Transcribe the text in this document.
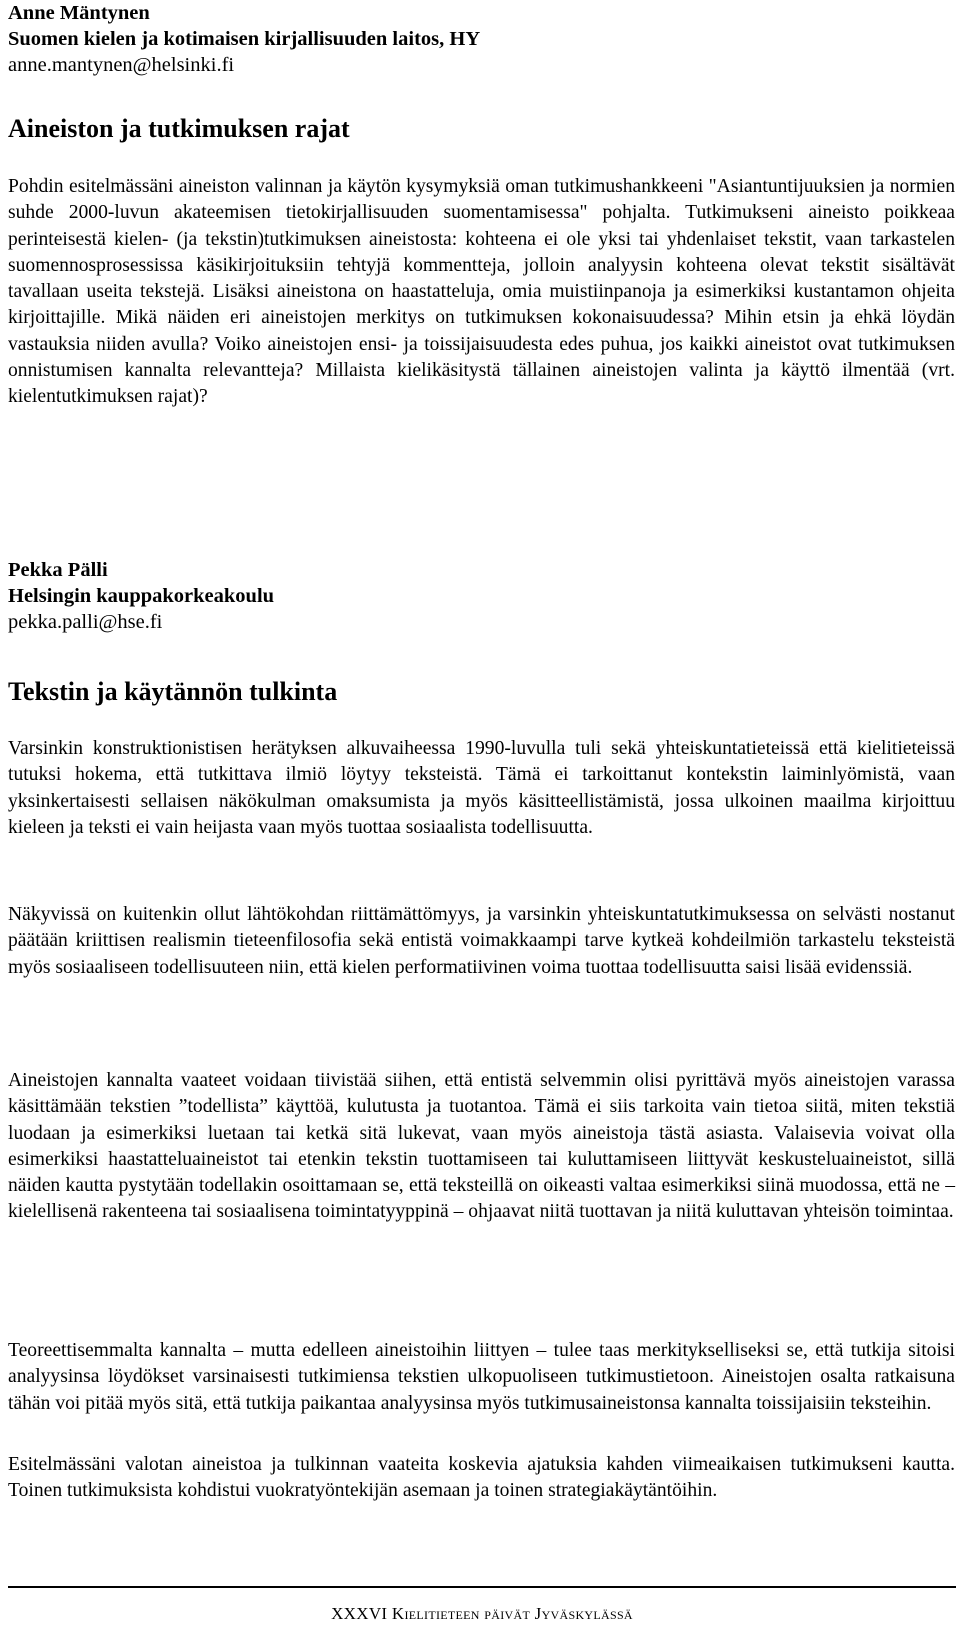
Anne Mäntynen
Suomen kielen ja kotimaisen kirjallisuuden laitos, HY
anne.mantynen@helsinki.fi
Aineiston ja tutkimuksen rajat

Pohdin esitelmässäni aineiston valinnan ja käytön kysymyksiä oman tutkimushankkeeni "Asiantuntijuuksien ja normien suhde 2000-luvun akateemisen tietokirjallisuuden suomentamisessa" pohjalta. Tutkimukseni aineisto poikkeaa perinteisestä kielen- (ja tekstin)tutkimuksen aineistosta: kohteena ei ole yksi tai yhdenlaiset tekstit, vaan tarkastelen suomennosprosessissa käsikirjoituksiin tehtyjä kommentteja, jolloin analyysin kohteena olevat tekstit sisältävät tavallaan useita tekstejä. Lisäksi aineistona on haastatteluja, omia muistiinpanoja ja esimerkiksi kustantamon ohjeita kirjoittajille. Mikä näiden eri aineistojen merkitys on tutkimuksen kokonaisuudessa? Mihin etsin ja ehkä löydän vastauksia niiden avulla? Voiko aineistojen ensi- ja toissijaisuudesta edes puhua, jos kaikki aineistot ovat tutkimuksen onnistumisen kannalta relevantteja? Millaista kielikäsitystä tällainen aineistojen valinta ja käyttö ilmentää (vrt. kielentutkimuksen rajat)?

Pekka Pälli
Helsingin kauppakorkeakoulu
pekka.palli@hse.fi
Tekstin ja käytännön tulkinta

Varsinkin konstruktionistisen herätyksen alkuvaiheessa 1990-luvulla tuli sekä yhteiskuntatieteissä että kielitieteissä tutuksi hokema, että tutkittava ilmiö löytyy teksteistä. Tämä ei tarkoittanut kontekstin laiminlyömistä, vaan yksinkertaisesti sellaisen näkökulman omaksumista ja myös käsitteellistämistä, jossa ulkoinen maailma kirjoittuu kieleen ja teksti ei vain heijasta vaan myös tuottaa sosiaalista todellisuutta.

Näkyvissä on kuitenkin ollut lähtökohdan riittämättömyys, ja varsinkin yhteiskuntatutkimuksessa on selvästi nostanut päätään kriittisen realismin tieteenfilosofia sekä entistä voimakkaampi tarve kytkeä kohdeilmiön tarkastelu teksteistä myös sosiaaliseen todellisuuteen niin, että kielen performatiivinen voima tuottaa todellisuutta saisi lisää evidenssiä.

Aineistojen kannalta vaateet voidaan tiivistää siihen, että entistä selvemmin olisi pyrittävä myös aineistojen varassa käsittämään tekstien ”todellista” käyttöä, kulutusta ja tuotantoa. Tämä ei siis tarkoita vain tietoa siitä, miten tekstiä luodaan ja esimerkiksi luetaan tai ketkä sitä lukevat, vaan myös aineistoja tästä asiasta. Valaisevia voivat olla esimerkiksi haastatteluaineistot tai etenkin tekstin tuottamiseen tai kuluttamiseen liittyvät keskusteluaineistot, sillä näiden kautta pystytään todellakin osoittamaan se, että teksteillä on oikeasti valtaa esimerkiksi siinä muodossa, että ne – kielellisenä rakenteena tai sosiaalisena toimintatyyppinä – ohjaavat niitä tuottavan ja niitä kuluttavan yhteisön toimintaa.

Teoreettisemmalta kannalta – mutta edelleen aineistoihin liittyen – tulee taas merkitykselliseksi se, että tutkija sitoisi analyysinsa löydökset varsinaisesti tutkimiensa tekstien ulkopuoliseen tutkimustietoon. Aineistojen osalta ratkaisuna tähän voi pitää myös sitä, että tutkija paikantaa analyysinsa myös tutkimusaineistonsa kannalta toissijaisiin teksteihin.

Esitelmässäni valotan aineistoa ja tulkinnan vaateita koskevia ajatuksia kahden viimeaikaisen tutkimukseni kautta. Toinen tutkimuksista kohdistui vuokratyöntekijän asemaan ja toinen strategiakäytäntöihin.

XXXVI Kielitieteen päivät Jyväskylässä
